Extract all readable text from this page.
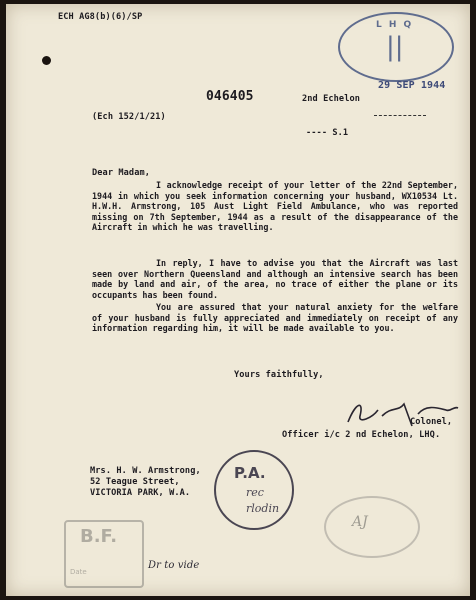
ECH AG8(b)(6)/SP
L H Q
||
29 SEP 1944
046405	2nd Echelon
(Ech 152/1/21)
---- S.1
Dear Madam,
I acknowledge receipt of your letter of the 22nd September, 1944 in which you seek information concerning your husband, WX10534 Lt. H.W.H. Armstrong, 105 Aust Light Field Ambulance, who was reported missing on 7th September, 1944 as a result of the disappearance of the Aircraft in which he was travelling.
In reply, I have to advise you that the Aircraft was last seen over Northern Queensland and although an intensive search has been made by land and air, of the area, no trace of either the plane or its occupants has been found.
You are assured that your natural anxiety for the welfare of your husband is fully appreciated and immediately on receipt of any information regarding him, it will be made available to you.
Yours faithfully,
Colonel,
Officer i/c 2 nd Echelon, LHQ.
Mrs. H. W. Armstrong,
52 Teague Street,
VICTORIA PARK, W.A.
P.A.
rec
rlodin
B.F.
Date
Dr to vide
AJ
